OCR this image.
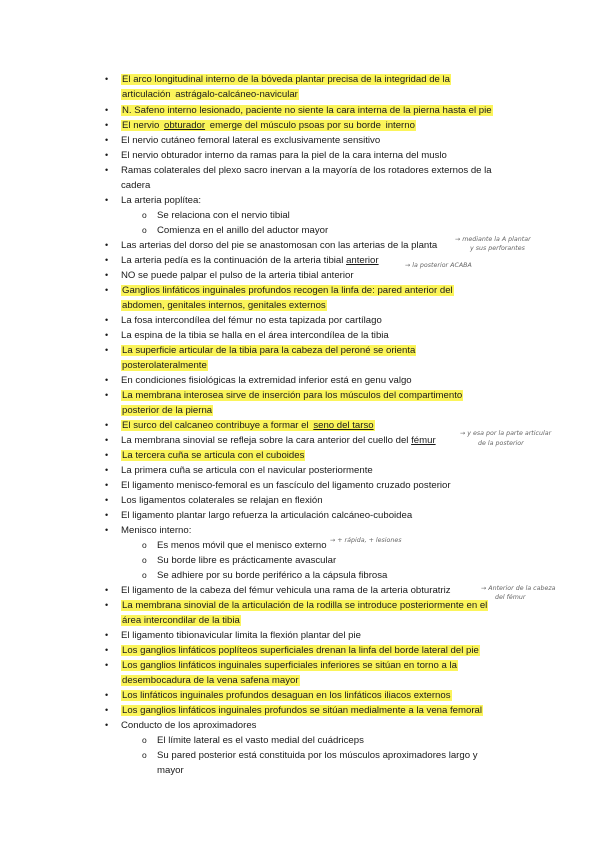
• El arco longitudinal interno de la bóveda plantar precisa de la integridad de la
articulación astrágalo-calcáneo-navicular
• N. Safeno interno lesionado, paciente no siente la cara interna de la pierna hasta el pie
• El nervio obturador emerge del músculo psoas por su borde interno
• El nervio cutáneo femoral lateral es exclusivamente sensitivo
• El nervio obturador interno da ramas para la piel de la cara interna del muslo
• Ramas colaterales del plexo sacro inervan a la mayoría de los rotadores externos de la
cadera
• La arteria poplítea:
o Se relaciona con el nervio tibial
o Comienza en el anillo del aductor mayor
• Las arterias del dorso del pie se anastomosan con las arterias de la planta
• La arteria pedía es la continuación de la arteria tibial anterior
• NO se puede palpar el pulso de la arteria tibial anterior
• Ganglios linfáticos inguinales profundos recogen la linfa de: pared anterior del
abdomen, genitales internos, genitales externos
• La fosa intercondílea del fémur no esta tapizada por cartílago
• La espina de la tibia se halla en el área intercondílea de la tibia
• La superficie articular de la tibia para la cabeza del peroné se orienta
posterolateralmente
• En condiciones fisiológicas la extremidad inferior está en genu valgo
• La membrana interosea sirve de inserción para los músculos del compartimento
posterior de la pierna
• El surco del calcaneo contribuye a formar el seno del tarso
• La membrana sinovial se refleja sobre la cara anterior del cuello del fémur
• La tercera cuña se articula con el cuboides
• La primera cuña se articula con el navicular posteriormente
• El ligamento menisco-femoral es un fascículo del ligamento cruzado posterior
• Los ligamentos colaterales se relajan en flexión
• El ligamento plantar largo refuerza la articulación calcáneo-cuboidea
• Menisco interno:
o Es menos móvil que el menisco externo
o Su borde libre es prácticamente avascular
o Se adhiere por su borde periférico a la cápsula fibrosa
• El ligamento de la cabeza del fémur vehicula una rama de la arteria obturatriz
• La membrana sinovial de la articulación de la rodilla se introduce posteriormente en el
área intercondilar de la tibia
• El ligamento tibionavicular limita la flexión plantar del pie
• Los ganglios linfáticos poplíteos superficiales drenan la linfa del borde lateral del pie
• Los ganglios linfáticos inguinales superficiales inferiores se sitúan en torno a la
desembocadura de la vena safena mayor
• Los linfáticos inguinales profundos desaguan en los linfáticos iliacos externos
• Los ganglios linfáticos inguinales profundos se sitúan medialmente a la vena femoral
• Conducto de los aproximadores
o El límite lateral es el vasto medial del cuádriceps
o Su pared posterior está constituida por los músculos aproximadores largo y
mayor
→ mediante la A plantar
y sus perforantes
→ la posterior ACABA
→ y esa por la parte articular
de la posterior
→ + rápida, + lesiones
→ Anterior de la cabeza
del fémur
